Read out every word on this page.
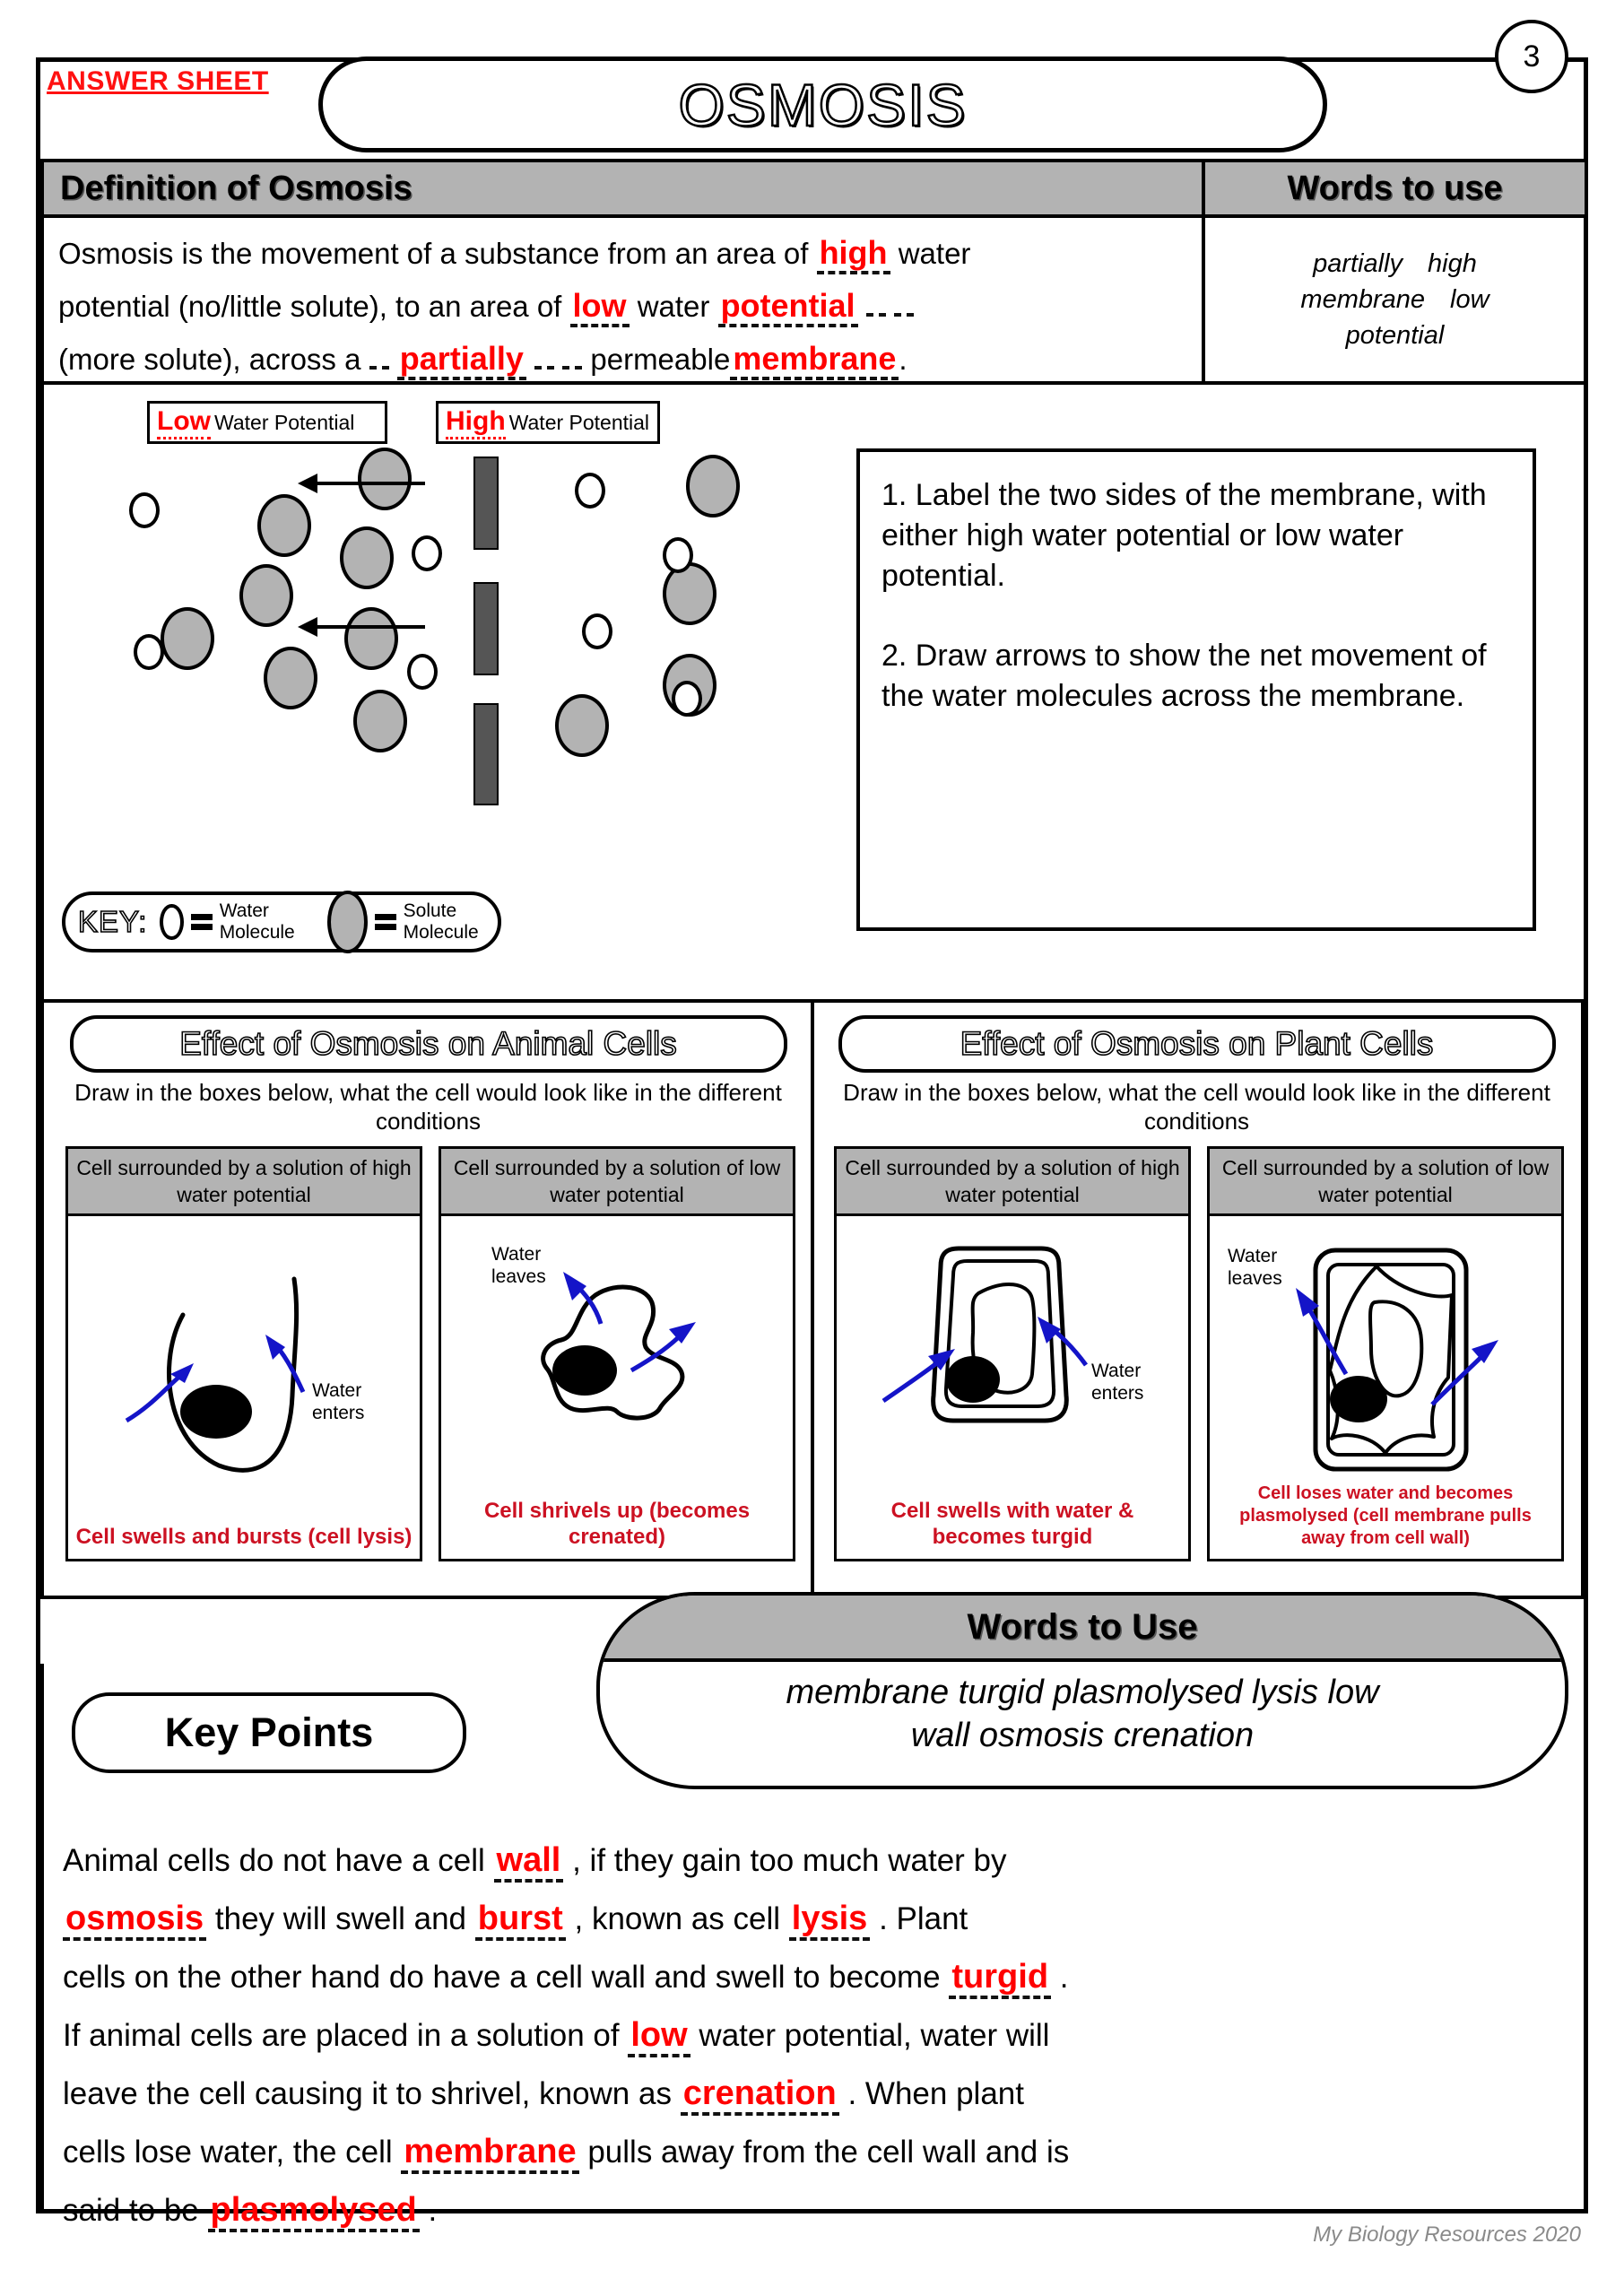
ANSWER SHEET	OSMOSIS
3
Definition of Osmosis	Words to use
Osmosis is the movement of a substance from an area of high water
potential (no/little solute), to an area of low water potential
(more solute), across a partially permeablemembrane.
partially high
membrane low
potential
Low Water Potential	High Water Potential
KEY:	Water Molecule
Solute Molecule

1. Label the two sides of the membrane, with either high water potential or low water potential.

2. Draw arrows to show the net movement of the water molecules across the membrane.

Effect of Osmosis on Animal Cells
Draw in the boxes below, what the cell would look like in the different conditions
Cell surrounded by a solution of high water potential
Water enters
Cell swells and bursts (cell lysis)
Cell surrounded by a solution of low water potential
Water leaves
Cell shrivels up (becomes crenated)
Effect of Osmosis on Plant Cells
Draw in the boxes below, what the cell would look like in the different conditions
Cell surrounded by a solution of high water potential
Water enters
Cell swells with water & becomes turgid
Cell surrounded by a solution of low water potential
Water leaves
Cell loses water and becomes plasmolysed (cell membrane pulls away from cell wall)
Words to Use
membrane turgid plasmolysed lysis low
wall osmosis crenation
Key Points
Animal cells do not have a cell wall , if they gain too much water by
osmosis they will swell and burst , known as cell lysis . Plant
cells on the other hand do have a cell wall and swell to become turgid .
If animal cells are placed in a solution of low water potential, water will
leave the cell causing it to shrivel, known as crenation . When plant
cells lose water, the cell membrane pulls away from the cell wall and is
said to be plasmolysed .
My Biology Resources 2020
